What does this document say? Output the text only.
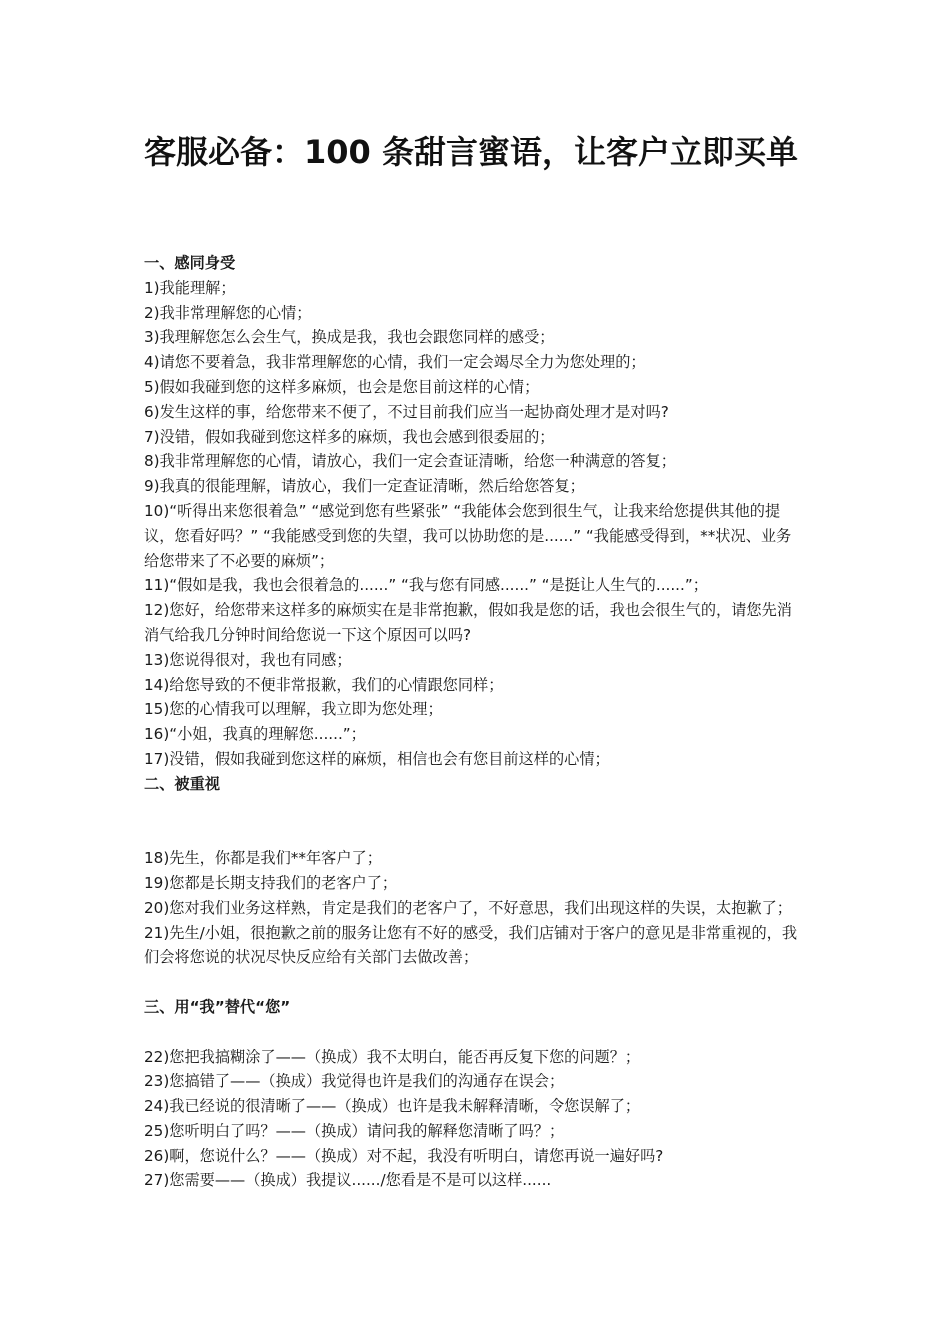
客服必备：100 条甜言蜜语，让客户立即买单
一、感同身受
1)我能理解；
2)我非常理解您的心情；
3)我理解您怎么会生气，换成是我，我也会跟您同样的感受；
4)请您不要着急，我非常理解您的心情，我们一定会竭尽全力为您处理的；
5)假如我碰到您的这样多麻烦，也会是您目前这样的心情；
6)发生这样的事，给您带来不便了，不过目前我们应当一起协商处理才是对吗?
7)没错，假如我碰到您这样多的麻烦，我也会感到很委屈的；
8)我非常理解您的心情，请放心，我们一定会查证清晰，给您一种满意的答复；
9)我真的很能理解，请放心，我们一定查证清晰，然后给您答复；
10)“听得出来您很着急” “感觉到您有些紧张” “我能体会您到很生气，让我来给您提供其他的提议，您看好吗？” “我能感受到您的失望，我可以协助您的是......” “我能感受得到，**状况、业务给您带来了不必要的麻烦”；
11)“假如是我，我也会很着急的......” “我与您有同感......” “是挺让人生气的......”；
12)您好，给您带来这样多的麻烦实在是非常抱歉，假如我是您的话，我也会很生气的，请您先消消气给我几分钟时间给您说一下这个原因可以吗?
13)您说得很对，我也有同感；
14)给您导致的不便非常报歉，我们的心情跟您同样；
15)您的心情我可以理解，我立即为您处理；
16)“小姐，我真的理解您......”；
17)没错，假如我碰到您这样的麻烦，相信也会有您目前这样的心情；
二、被重视
18)先生，你都是我们**年客户了；
19)您都是长期支持我们的老客户了；
20)您对我们业务这样熟，肯定是我们的老客户了，不好意思，我们出现这样的失误，太抱歉了；
21)先生/小姐，很抱歉之前的服务让您有不好的感受，我们店铺对于客户的意见是非常重视的，我们会将您说的状况尽快反应给有关部门去做改善；
三、用“我”替代“您”
22)您把我搞糊涂了——（换成）我不太明白，能否再反复下您的问题？；
23)您搞错了——（换成）我觉得也许是我们的沟通存在误会；
24)我已经说的很清晰了——（换成）也许是我未解释清晰，令您误解了；
25)您听明白了吗？——（换成）请问我的解释您清晰了吗？；
26)啊，您说什么？——（换成）对不起，我没有听明白，请您再说一遍好吗?
27)您需要——（换成）我提议....../您看是不是可以这样......
